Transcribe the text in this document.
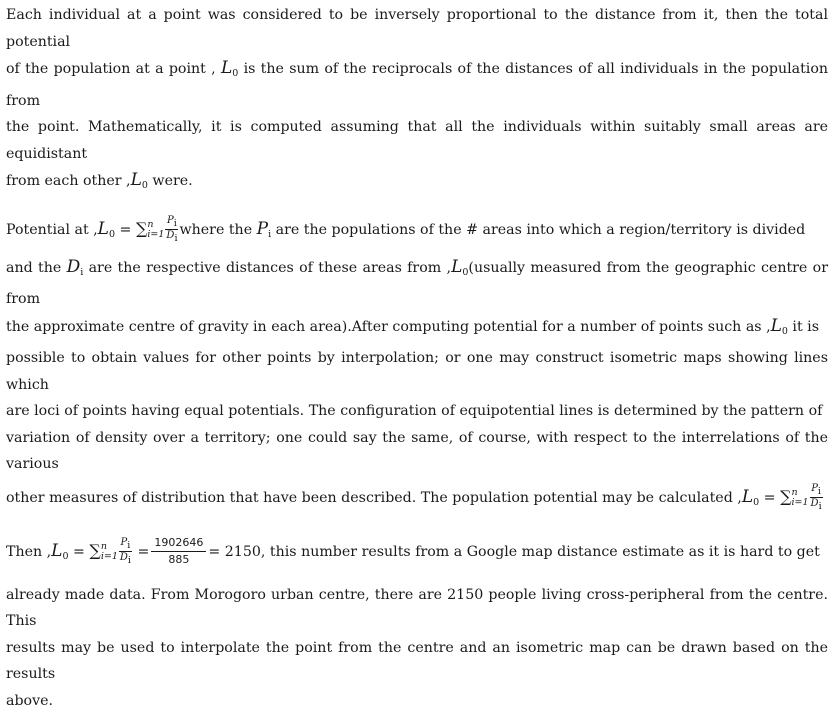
Each individual at a point was considered to be inversely proportional to the distance from it, then the total potential
of the population at a point , $L_0$ is the sum of the reciprocals of the distances of all individuals in the population from
the point. Mathematically, it is computed assuming that all the individuals within suitably small areas are equidistant
from each other $,L_0$ were.

Potential at $,L_0$ = ∑ n
$i=1 \frac{Pi}{Di}$ where the $P_i$ are the populations of the # areas into which a region/territory is divided
and the $D_i$ are the respective distances of these areas from $,L_0(usually$ measured from the geographic centre or from
the approximate centre of gravity in each area).After computing potential for a number of points such as $,L_0$ it is
possible to obtain values for other points by interpolation; or one may construct isometric maps showing lines which
are loci of points having equal potentials. The configuration of equipotential lines is determined by the pattern of
variation of density over a territory; one could say the same, of course, with respect to the interrelations of the various
other measures of distribution that have been described. The population potential may be calculated $,L_0$ = ∑ n
$i=1 \frac{Pi}{Di}$

Then $,L_0$ = ∑ n
$i=1 \frac{Pi}{Di} = \frac{1902646}{885} = 2150$, this number results from a Google map distance estimate as it is hard to get

already made data. From Morogoro urban centre, there are 2150 people living cross-peripheral from the centre. This
results may be used to interpolate the point from the centre and an isometric map can be drawn based on the results
above.
